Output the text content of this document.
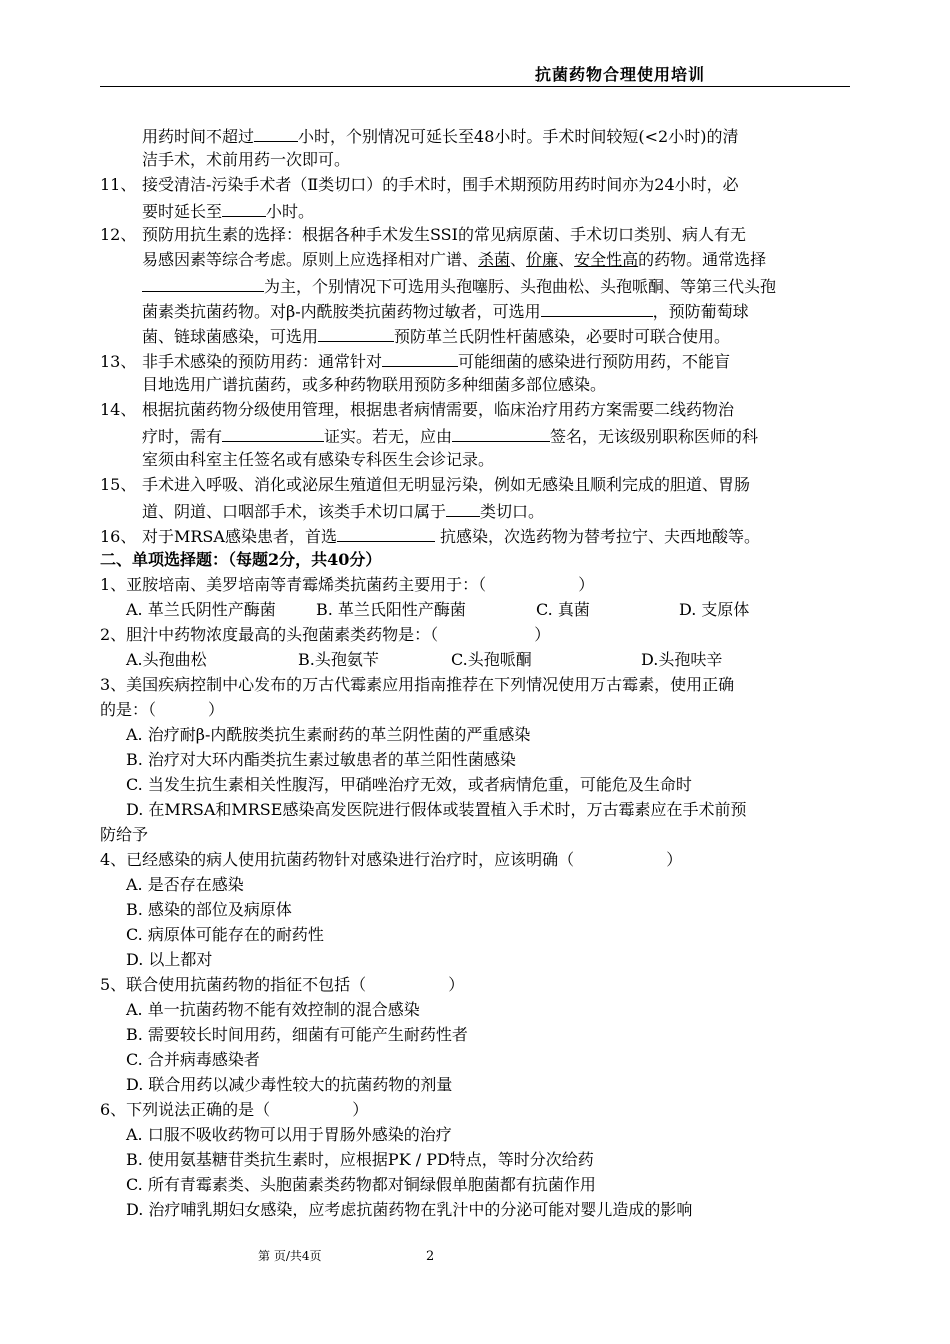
抗菌药物合理使用培训
用药时间不超过	小时，个别情况可延长至48小时。手术时间较短(<2小时)的清
洁手术，术前用药一次即可。
11、 接受清洁-污染手术者（Ⅱ类切口）的手术时，围手术期预防用药时间亦为24小时，必
要时延长至	小时。
12、 预防用抗生素的选择：根据各种手术发生SSI的常见病原菌、手术切口类别、病人有无
易感因素等综合考虑。原则上应选择相对广谱、杀菌、价廉、安全性高的药物。通常选择
为主，个别情况下可选用头孢噻肟、头孢曲松、头孢哌酮、等第三代头孢
菌素类抗菌药物。对β-内酰胺类抗菌药物过敏者，可选用	，预防葡萄球
菌、链球菌感染，可选用	预防革兰氏阴性杆菌感染，必要时可联合使用。
13、 非手术感染的预防用药：通常针对	可能细菌的感染进行预防用药，不能盲
目地选用广谱抗菌药，或多种药物联用预防多种细菌多部位感染。
14、 根据抗菌药物分级使用管理，根据患者病情需要，临床治疗用药方案需要二线药物治
疗时，需有	证实。若无，应由	签名，无该级别职称医师的科
室须由科室主任签名或有感染专科医生会诊记录。
15、 手术进入呼吸、消化或泌尿生殖道但无明显污染，例如无感染且顺利完成的胆道、胃肠
道、阴道、口咽部手术，该类手术切口属于 类切口。
16、 对于MRSA感染患者，首选	抗感染，次选药物为替考拉宁、夫西地酸等。
二、单项选择题：（每题2分，共40分）
1、亚胺培南、美罗培南等青霉烯类抗菌药主要用于：（	）
A. 革兰氏阴性产酶菌	B. 革兰氏阳性产酶菌	C. 真菌	D. 支原体
2、胆汁中药物浓度最高的头孢菌素类药物是：（	）
A.头孢曲松	B.头孢氨苄	C.头孢哌酮	D.头孢呋辛
3、美国疾病控制中心发布的万古代霉素应用指南推荐在下列情况使用万古霉素，使用正确
的是：（	）
A. 治疗耐β-内酰胺类抗生素耐药的革兰阴性菌的严重感染
B. 治疗对大环内酯类抗生素过敏患者的革兰阳性菌感染
C. 当发生抗生素相关性腹泻，甲硝唑治疗无效，或者病情危重，可能危及生命时
D. 在MRSA和MRSE感染高发医院进行假体或装置植入手术时，万古霉素应在手术前预
防给予
4、已经感染的病人使用抗菌药物针对感染进行治疗时，应该明确（	）
A. 是否存在感染
B. 感染的部位及病原体
C. 病原体可能存在的耐药性
D. 以上都对
5、联合使用抗菌药物的指征不包括（	）
A. 单一抗菌药物不能有效控制的混合感染
B. 需要较长时间用药，细菌有可能产生耐药性者
C. 合并病毒感染者
D. 联合用药以减少毒性较大的抗菌药物的剂量
6、下列说法正确的是（	）
A. 口服不吸收药物可以用于胃肠外感染的治疗
B. 使用氨基糖苷类抗生素时，应根据PK / PD特点，等时分次给药
C. 所有青霉素类、头胞菌素类药物都对铜绿假单胞菌都有抗菌作用
D. 治疗哺乳期妇女感染，应考虑抗菌药物在乳汁中的分泌可能对婴儿造成的影响
第 页/共4页	2
